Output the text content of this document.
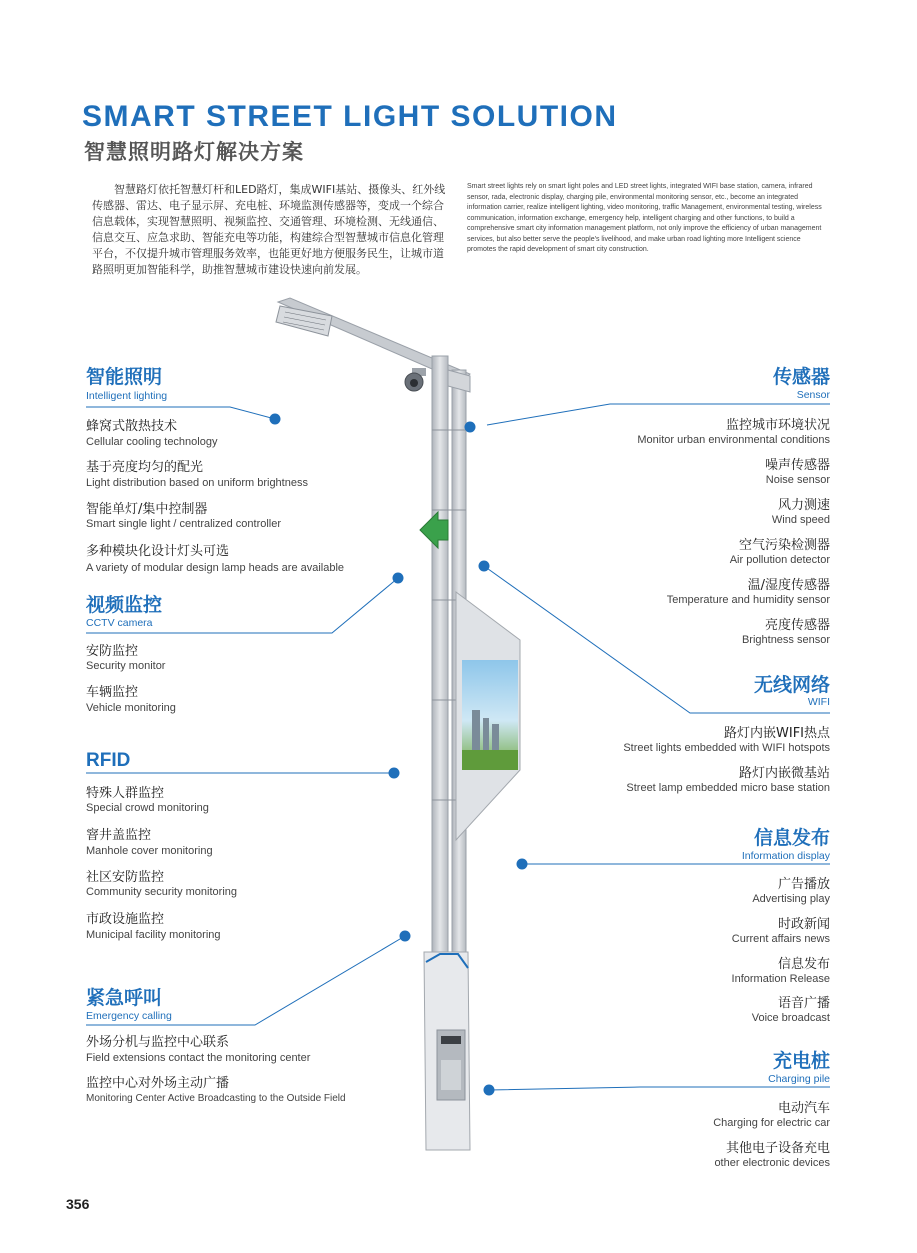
SMART STREET LIGHT SOLUTION
智慧照明路灯解决方案
智慧路灯依托智慧灯杆和LED路灯，集成WIFI基站、摄像头、红外线传感器、雷达、电子显示屏、充电桩、环境监测传感器等，变成一个综合信息载体，实现智慧照明、视频监控、交通管理、环境检测、无线通信、信息交互、应急求助、智能充电等功能，构建综合型智慧城市信息化管理平台，不仅提升城市管理服务效率，也能更好地方便服务民生，让城市道路照明更加智能科学，助推智慧城市建设快速向前发展。
Smart street lights rely on smart light poles and LED street lights, integrated WIFI base station, camera, infrared sensor, rada, electronic display, charging pile, environmental monitoring sensor, etc., become an integrated information carrier, realize intelligent lighting, video monitoring, traffic Management, environmental testing, wireless communication, information exchange, emergency help, intelligent charging and other functions, to build a comprehensive smart city information management platform, not only improve the efficiency of urban management services, but also better serve the people's livelihood, and make urban road lighting more Intelligent science promotes the rapid development of smart city construction.
智能照明
Intelligent lighting
蜂窝式散热技术
Cellular cooling technology
基于亮度均匀的配光
Light distribution based on uniform brightness
智能单灯/集中控制器
Smart single light / centralized controller
多种模块化设计灯头可选
A variety of modular design lamp heads are available
视频监控
CCTV camera
安防监控
Security monitor
车辆监控
Vehicle monitoring
RFID
特殊人群监控
Special crowd monitoring
窨井盖监控
Manhole cover monitoring
社区安防监控
Community security monitoring
市政设施监控
Municipal facility monitoring
紧急呼叫
Emergency calling
外场分机与监控中心联系
Field extensions contact the monitoring center
监控中心对外场主动广播
Monitoring Center Active Broadcasting to the Outside Field
传感器
Sensor
监控城市环境状况
Monitor urban environmental conditions
噪声传感器
Noise sensor
风力测速
Wind speed
空气污染检测器
Air pollution detector
温/湿度传感器
Temperature and humidity sensor
亮度传感器
Brightness sensor
无线网络
WIFI
路灯内嵌WIFI热点
Street lights embedded with WIFI hotspots
路灯内嵌微基站
Street lamp embedded micro base station
信息发布
Information display
广告播放
Advertising play
时政新闻
Current affairs news
信息发布
Information Release
语音广播
Voice broadcast
充电桩
Charging pile
电动汽车
Charging for electric car
其他电子设备充电
other electronic devices
356
